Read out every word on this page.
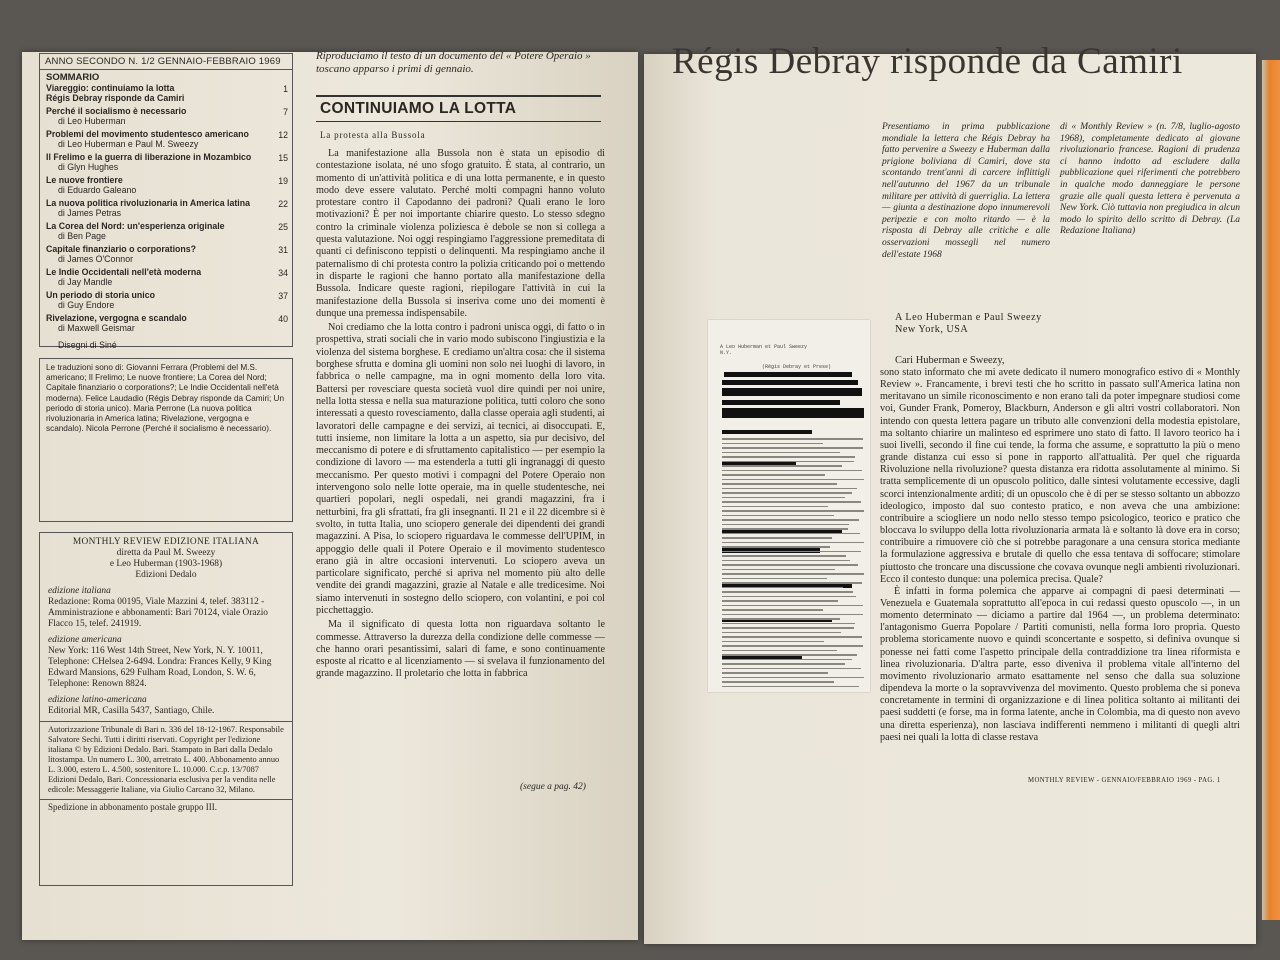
ANNO SECONDO N. 1/2 GENNAIO-FEBBRAIO 1969
SOMMARIO
Viareggio: continuiamo la lotta	1
Régis Debray risponde da Camiri
Perché il socialismo è necessario
di Leo Huberman
7
Problemi del movimento studentesco americano
di Leo Huberman e Paul M. Sweezy
12
Il Frelimo e la guerra di liberazione in Mozambico
di Glyn Hughes
15
Le nuove frontiere
di Eduardo Galeano
19
La nuova politica rivoluzionaria in America latina
di James Petras
22
La Corea del Nord: un'esperienza originale
di Ben Page
25
Capitale finanziario o corporations?
di James O'Connor
31
Le Indie Occidentali nell'età moderna
di Jay Mandle
34
Un periodo di storia unico
di Guy Endore
37
Rivelazione, vergogna e scandalo
di Maxwell Geismar
40
Disegni di Siné
Le traduzioni sono di: Giovanni Ferrara (Problemi del M.S. americano; Il Frelimo; Le nuove frontiere; La Corea del Nord; Capitale finanziario o corporations?; Le Indie Occidentali nell'età moderna). Felice Laudadio (Régis Debray risponde da Camiri; Un periodo di storia unico). Maria Perrone (La nuova politica rivoluzionaria in America latina; Rivelazione, vergogna e scandalo). Nicola Perrone (Perché il socialismo è necessario).
MONTHLY REVIEW EDIZIONE ITALIANA
diretta da Paul M. Sweezy
e Leo Huberman (1903-1968)
Edizioni Dedalo
edizione italiana

Redazione: Roma 00195, Viale Mazzini 4, telef. 383112 - Amministrazione e abbonamenti: Bari 70124, viale Orazio Flacco 15, telef. 241919.

edizione americana

New York: 116 West 14th Street, New York, N. Y. 10011, Telephone: CHelsea 2-6494. Londra: Frances Kelly, 9 King Edward Mansions, 629 Fulham Road, London, S. W. 6, Telephone: Renown 8824.

edizione latino-americana

Editorial MR, Casilla 5437, Santiago, Chile.

Autorizzazione Tribunale di Bari n. 336 del 18-12-1967. Responsabile Salvatore Sechi. Tutti i diritti riservati. Copyright per l'edizione italiana © by Edizioni Dedalo. Bari. Stampato in Bari dalla Dedalo litostampa. Un numero L. 300, arretrato L. 400. Abbonamento annuo L. 3.000, estero L. 4.500, sostenitore L. 10.000. C.c.p. 13/7087 Edizioni Dedalo, Bari. Concessionaria esclusiva per la vendita nelle edicole: Messaggerie Italiane, via Giulio Carcano 32, Milano.

Spedizione in abbonamento postale gruppo III.

Riproduciamo il testo di un documento del « Potere Operaio » toscano apparso i primi di gennaio.
CONTINUIAMO LA LOTTA
La protesta alla Bussola

La manifestazione alla Bussola non è stata un episodio di contestazione isolata, né uno sfogo gratuito. È stata, al contrario, un momento di un'attività politica e di una lotta permanente, e in questo modo deve essere valutato. Perché molti compagni hanno voluto protestare contro il Capodanno dei padroni? Quali erano le loro motivazioni? È per noi importante chiarire questo. Lo stesso sdegno contro la criminale violenza poliziesca è debole se non si collega a questa valutazione. Noi oggi respingiamo l'aggressione premeditata di quanti ci definiscono teppisti o delinquenti. Ma respingiamo anche il paternalismo di chi protesta contro la polizia criticando poi o mettendo in disparte le ragioni che hanno portato alla manifestazione della Bussola. Indicare queste ragioni, riepilogare l'attività in cui la manifestazione della Bussola si inseriva come uno dei momenti è dunque una premessa indispensabile.

Noi crediamo che la lotta contro i padroni unisca oggi, di fatto o in prospettiva, strati sociali che in vario modo subiscono l'ingiustizia e la violenza del sistema borghese. E crediamo un'altra cosa: che il sistema borghese sfrutta e domina gli uomini non solo nei luoghi di lavoro, in fabbrica o nelle campagne, ma in ogni momento della loro vita. Battersi per rovesciare questa società vuol dire quindi per noi unire, nella lotta stessa e nella sua maturazione politica, tutti coloro che sono interessati a questo rovesciamento, dalla classe operaia agli studenti, ai lavoratori delle campagne e dei servizi, ai tecnici, ai disoccupati. E, tutti insieme, non limitare la lotta a un aspetto, sia pur decisivo, del meccanismo di potere e di sfruttamento capitalistico — per esempio la condizione di lavoro — ma estenderla a tutti gli ingranaggi di questo meccanismo. Per questo motivi i compagni del Potere Operaio non intervengono solo nelle lotte operaie, ma in quelle studentesche, nei quartieri popolari, negli ospedali, nei grandi magazzini, fra i netturbini, fra gli sfrattati, fra gli insegnanti. Il 21 e il 22 dicembre si è svolto, in tutta Italia, uno sciopero generale dei dipendenti dei grandi magazzini. A Pisa, lo sciopero riguardava le commesse dell'UPIM, in appoggio delle quali il Potere Operaio e il movimento studentesco erano già in altre occasioni intervenuti. Lo sciopero aveva un particolare significato, perché si apriva nel momento più alto delle vendite dei grandi magazzini, grazie al Natale e alle tredicesime. Noi siamo intervenuti in sostegno dello sciopero, con volantini, e poi col picchettaggio.

Ma il significato di questa lotta non riguardava soltanto le commesse. Attraverso la durezza della condizione delle commesse — che hanno orari pesantissimi, salari di fame, e sono continuamente esposte al ricatto e al licenziamento — si svelava il funzionamento del grande magazzino. Il proletario che lotta in fabbrica

(segue a pag. 42)
Régis Debray risponde da Camiri
Presentiamo in prima pubblicazione mondiale la lettera che Régis Debray ha fatto pervenire a Sweezy e Huberman dalla prigione boliviana di Camiri, dove sta scontando trent'anni di carcere inflittigli nell'autunno del 1967 da un tribunale militare per attività di guerriglia. La lettera — giunta a destinazione dopo innumerevoli peripezie e con molto ritardo — è la risposta di Debray alle critiche e alle osservazioni mossegli nel numero dell'estate 1968
di « Monthly Review » (n. 7/8, luglio-agosto 1968), completamente dedicato al giovane rivoluzionario francese. Ragioni di prudenza ci hanno indotto ad escludere dalla pubblicazione quei riferimenti che potrebbero in qualche modo danneggiare le persone grazie alle quali questa lettera è pervenuta a New York. Ciò tuttavia non pregiudica in alcun modo lo spirito dello scritto di Debray. (La Redazione Italiana)
A Leo Huberman et Paul Sweezy
N.Y.
(Régis Debray et Prese)
A Leo Huberman e Paul Sweezy
New York, USA
Cari Huberman e Sweezy,

sono stato informato che mi avete dedicato il numero monografico estivo di « Monthly Review ». Francamente, i brevi testi che ho scritto in passato sull'America latina non meritavano un simile riconoscimento e non erano tali da poter impegnare studiosi come voi, Gunder Frank, Pomeroy, Blackburn, Anderson e gli altri vostri collaboratori. Non intendo con questa lettera pagare un tributo alle convenzioni della modestia epistolare, ma soltanto chiarire un malinteso ed esprimere uno stato di fatto. Il lavoro teorico ha i suoi livelli, secondo il fine cui tende, la forma che assume, e soprattutto la più o meno grande distanza cui esso si pone in rapporto all'attualità. Per quel che riguarda Rivoluzione nella rivoluzione? questa distanza era ridotta assolutamente al minimo. Si tratta semplicemente di un opuscolo politico, dalle sintesi volutamente eccessive, dagli scorci intenzionalmente arditi; di un opuscolo che è di per se stesso soltanto un abbozzo ideologico, imposto dal suo contesto pratico, e non aveva che una ambizione: contribuire a sciogliere un nodo nello stesso tempo psicologico, teorico e pratico che bloccava lo sviluppo della lotta rivoluzionaria armata là e soltanto là dove era in corso; contribuire a rimuovere ciò che si potrebbe paragonare a una censura storica mediante la formulazione aggressiva e brutale di quello che essa tentava di soffocare; stimolare piuttosto che troncare una discussione che covava ovunque negli ambienti rivoluzionari. Ecco il contesto dunque: una polemica precisa. Quale?

È infatti in forma polemica che apparve ai compagni di paesi determinati — Venezuela e Guatemala soprattutto all'epoca in cui redassi questo opuscolo —, in un momento determinato — diciamo a partire dal 1964 —, un problema determinato: l'antagonismo Guerra Popolare / Partiti comunisti, nella forma loro propria. Questo problema storicamente nuovo e quindi sconcertante e sospetto, si definiva ovunque si ponesse nei fatti come l'aspetto principale della contraddizione tra linea riformista e linea rivoluzionaria. D'altra parte, esso diveniva il problema vitale all'interno del movimento rivoluzionario armato esattamente nel senso che dalla sua soluzione dipendeva la morte o la sopravvivenza del movimento. Questo problema che si poneva concretamente in termini di organizzazione e di linea politica soltanto ai militanti dei paesi suddetti (e forse, ma in forma latente, anche in Colombia, ma di questo non avevo una diretta esperienza), non lasciava indifferenti nemmeno i militanti di quegli altri paesi nei quali la lotta di classe restava

MONTHLY REVIEW - GENNAIO/FEBBRAIO 1969 - PAG. 1
